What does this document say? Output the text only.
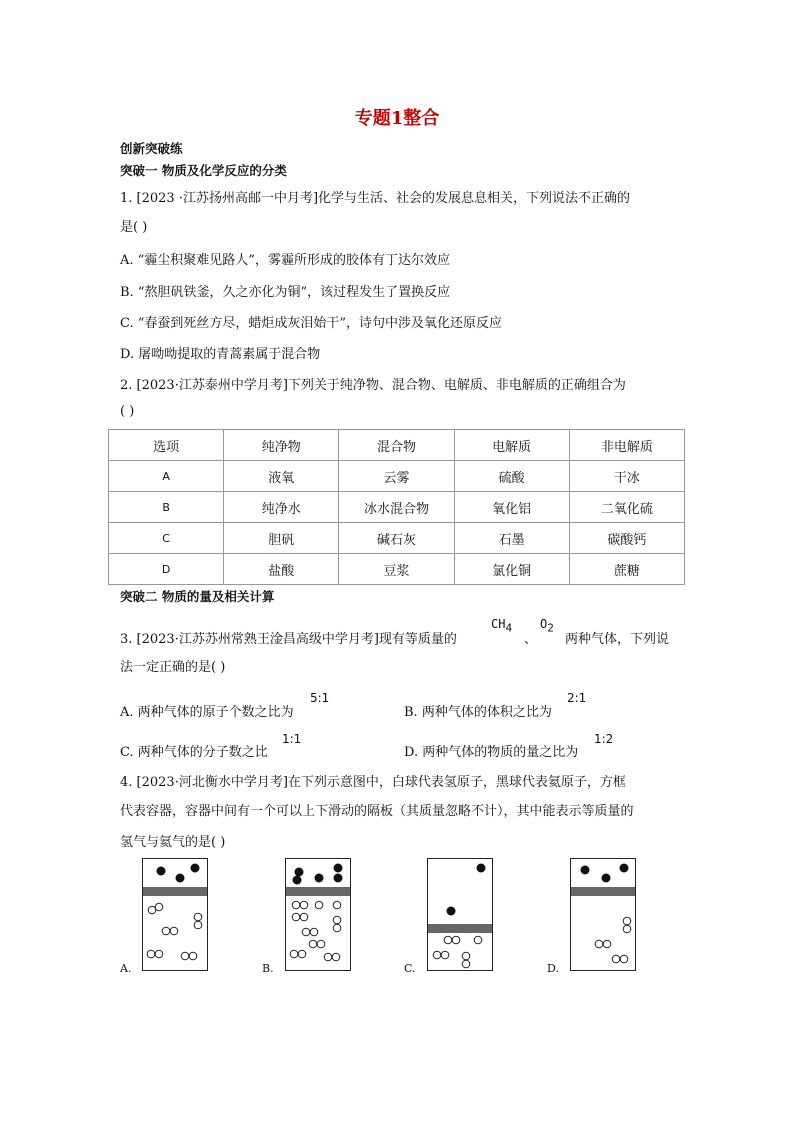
专题1整合
创新突破练
突破一 物质及化学反应的分类
1. [2023 ·江苏扬州高邮一中月考]化学与生活、社会的发展息息相关，下列说法不正确的
是( )
A. “霾尘积聚难见路人”，雾霾所形成的胶体有丁达尔效应
B. “熬胆矾铁釜，久之亦化为铜”，该过程发生了置换反应
C. “春蚕到死丝方尽，蜡炬成灰泪始干”，诗句中涉及氧化还原反应
D. 屠呦呦提取的青蒿素属于混合物
2. [2023·江苏泰州中学月考]下列关于纯净物、混合物、电解质、非电解质的正确组合为
( )
选项	纯净物	混合物	电解质	非电解质
A	液氧	云雾	硫酸	干冰
B	纯净水	冰水混合物	氧化铝	二氧化硫
C	胆矾	碱石灰	石墨	碳酸钙
D	盐酸	豆浆	氯化铜	蔗糖
突破二 物质的量及相关计算
3. [2023·江苏苏州常熟王淦昌高级中学月考]现有等质量的
$CH_4$
、
$O_2$
两种气体，下列说
法一定正确的是( )
A. 两种气体的原子个数之比为
5:1
B. 两种气体的体积之比为
2:1
C. 两种气体的分子数之比
1:1
D. 两种气体的物质的量之比为
1:2
4. [2023·河北衡水中学月考]在下列示意图中，白球代表氢原子，黑球代表氦原子，方框
代表容器，容器中间有一个可以上下滑动的隔板（其质量忽略不计），其中能表示等质量的
氢气与氦气的是( )
A.	B.	C.	D.
